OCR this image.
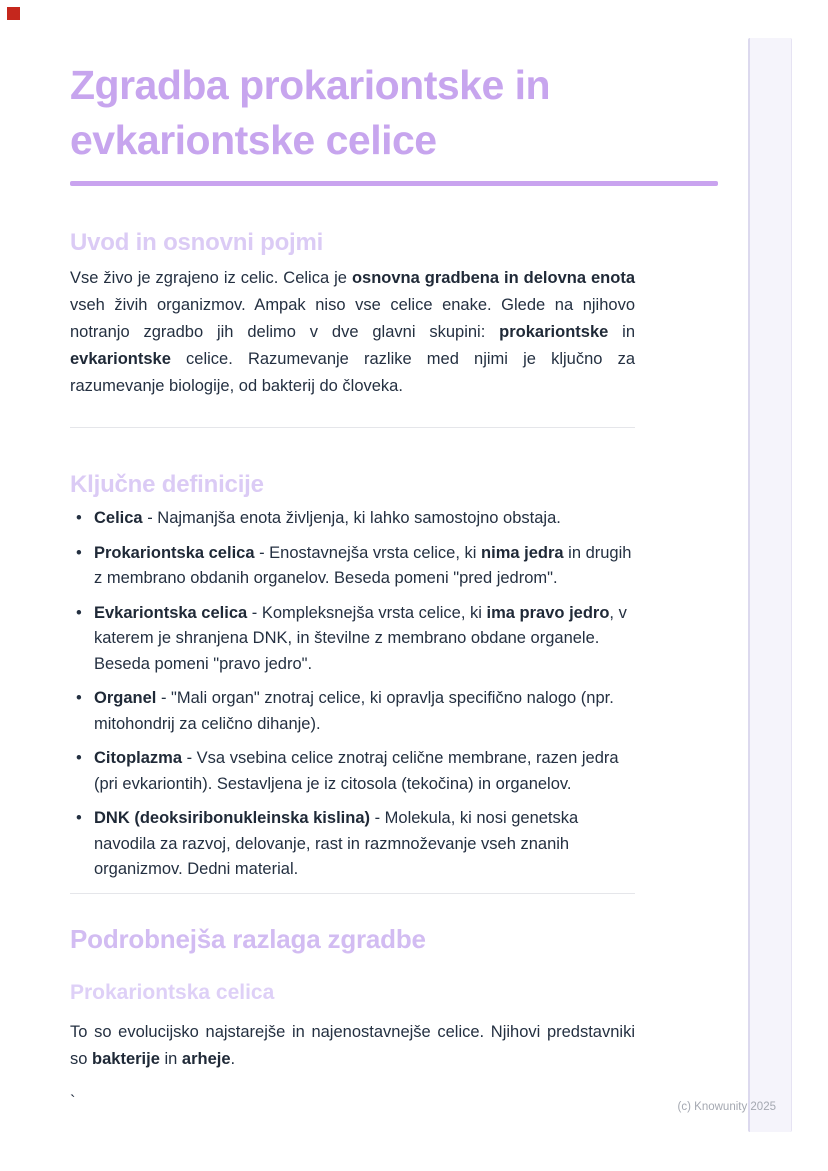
Zgradba prokariontske in evkariontske celice
Uvod in osnovni pojmi

Vse živo je zgrajeno iz celic. Celica je osnovna gradbena in delovna enota vseh živih organizmov. Ampak niso vse celice enake. Glede na njihovo notranjo zgradbo jih delimo v dve glavni skupini: prokariontske in evkariontske celice. Razumevanje razlike med njimi je ključno za razumevanje biologije, od bakterij do človeka.

Ključne definicije
• Celica - Najmanjša enota življenja, ki lahko samostojno obstaja.
• Prokariontska celica - Enostavnejša vrsta celice, ki nima jedra in drugih z membrano obdanih organelov. Beseda pomeni "pred jedrom".
• Evkariontska celica - Kompleksnejša vrsta celice, ki ima pravo jedro, v katerem je shranjena DNK, in številne z membrano obdane organele. Beseda pomeni "pravo jedro".
• Organel - "Mali organ" znotraj celice, ki opravlja specifično nalogo (npr. mitohondrij za celično dihanje).
• Citoplazma - Vsa vsebina celice znotraj celične membrane, razen jedra (pri evkariontih). Sestavljena je iz citosola (tekočina) in organelov.
• DNK (deoksiribonukleinska kislina) - Molekula, ki nosi genetska navodila za razvoj, delovanje, rast in razmnoževanje vseh znanih organizmov. Dedni material.
Podrobnejša razlaga zgradbe
Prokariontska celica

To so evolucijsko najstarejše in najenostavnejše celice. Njihovi predstavniki so bakterije in arheje.

`	(c) Knowunity 2025
